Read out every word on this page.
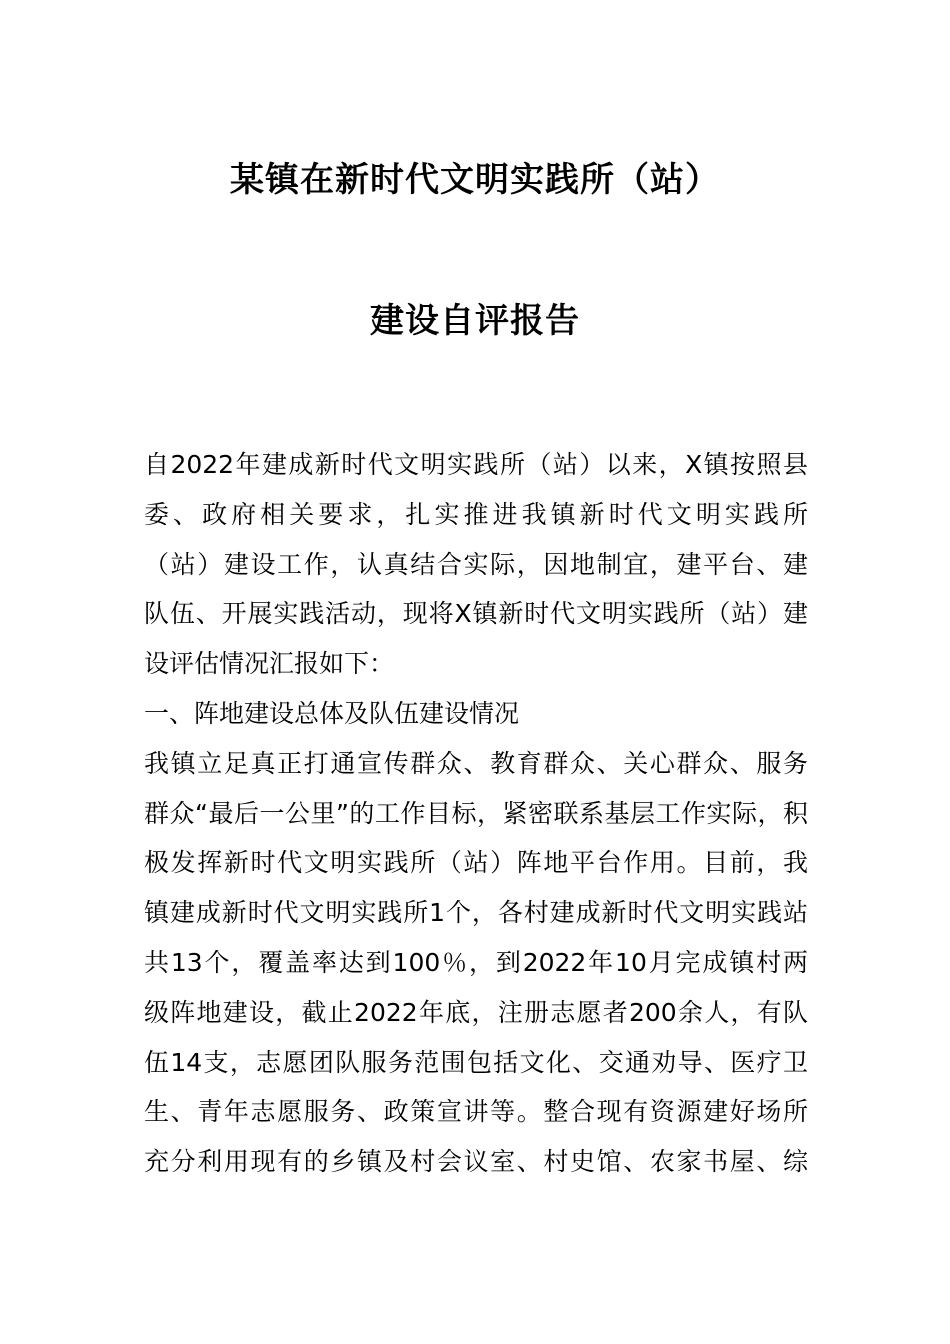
某镇在新时代文明实践所（站）
建设自评报告
自2022年建成新时代文明实践所（站）以来，X镇按照县
委、政府相关要求，扎实推进我镇新时代文明实践所
（站）建设工作，认真结合实际，因地制宜，建平台、建
队伍、开展实践活动，现将X镇新时代文明实践所（站）建
设评估情况汇报如下：
一、阵地建设总体及队伍建设情况
我镇立足真正打通宣传群众、教育群众、关心群众、服务
群众“最后一公里”的工作目标，紧密联系基层工作实际，积
极发挥新时代文明实践所（站）阵地平台作用。目前，我
镇建成新时代文明实践所1个，各村建成新时代文明实践站
共13个，覆盖率达到100％，到2022年10月完成镇村两
级阵地建设，截止2022年底，注册志愿者200余人，有队
伍14支，志愿团队服务范围包括文化、交通劝导、医疗卫
生、青年志愿服务、政策宣讲等。整合现有资源建好场所
充分利用现有的乡镇及村会议室、村史馆、农家书屋、综
